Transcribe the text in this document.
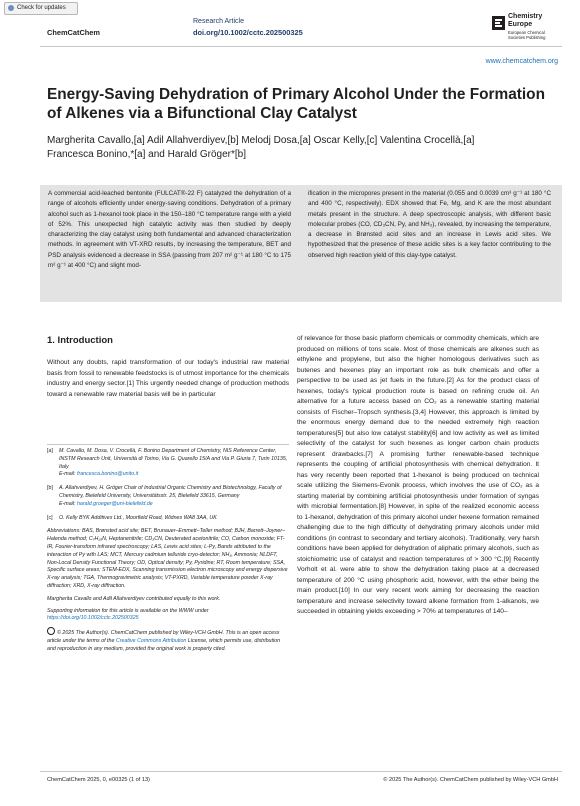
Check for updates
ChemCatChem
Research Article
doi.org/10.1002/cctc.202500325
Chemistry
Europe
European Chemical
Societies Publishing
www.chemcatchem.org
Energy-Saving Dehydration of Primary Alcohol Under the Formation of Alkenes via a Bifunctional Clay Catalyst
Margherita Cavallo,[a] Adil Allahverdiyev,[b] Melodj Dosa,[a] Oscar Kelly,[c] Valentina Crocellà,[a]
Francesca Bonino,*[a] and Harald Gröger*[b]
A commercial acid-leached bentonite (FULCAT®-22 F) catalyzed the dehydration of a range of alcohols efficiently under energy-saving conditions. Dehydration of a primary alcohol such as 1-hexanol took place in the 150–180 °C temperature range with a yield of 52%. This unexpected high catalytic activity was then studied by deeply characterizing the clay catalyst using both fundamental and advanced characterization methods. In agreement with VT-XRD results, by increasing the temperature, BET and PSD analysis evidenced a decrease in SSA (passing from 207 m² g⁻¹ at 180 °C to 175 m² g⁻¹ at 400 °C) and slight mod-
ification in the micropores present in the material (0.055 and 0.0039 cm³ g⁻¹ at 180 °C and 400 °C, respectively). EDX showed that Fe, Mg, and K are the most abundant metals present in the structure. A deep spectroscopic analysis, with different basic molecular probes (CO, CD₃CN, Py, and NH₃), revealed, by increasing the temperature, a decrease in Brønsted acid sites and an increase in Lewis acid sites. We hypothesized that the presence of these acidic sites is a key factor contributing to the observed high reaction yield of this clay-type catalyst.
1. Introduction
Without any doubts, rapid transformation of our today's industrial raw material basis from fossil to renewable feedstocks is of utmost importance for the chemicals industry and energy sector.[1] This urgently needed change of production methods toward a renewable raw material basis will be in particular
[a] M. Cavallo, M. Dosa, V. Crocellà, F. Bonino Department of Chemistry, NIS Reference Center, INSTM Research Unit, Università di Torino, Via G. Quarello 15/A and Via P. Giuria 7, Turin 10135, Italy
E-mail: francesca.bonino@unito.it
[b] A. Allahverdiyev, H. Gröger Chair of Industrial Organic Chemistry and Biotechnology, Faculty of Chemistry, Bielefeld University, Universitätsstr. 25, Bielefeld 33615, Germany
E-mail: harald.groeger@uni-bielefeld.de
[c] O. Kelly BYK Additives Ltd., Moorfield Road, Widnes WA8 3AA, UK
Abbreviations: BAS, Brønsted acid site; BET, Brunauer–Emmett–Teller method; BJH, Barrett–Joyner–Halenda method; C₇H₁₅N, Heptanenitrile; CD₃CN, Deuterated acetonitrile; CO, Carbon monoxide; FT-IR, Fourier-transform infrared spectroscopy; LAS, Lewis acid sites; L-Py, Bands attributed to the interaction of Py with LAS; MCT, Mercury cadmium telluride cryo-detector; NH₃, Ammonia; NLDFT, Non-Local Density Functional Theory; OD, Optical density; Py, Pyridine; RT, Room temperature; SSA, Specific surface areas; STEM-EDX, Scanning transmission electron microscopy and energy dispersive X-ray analysis; TGA, Thermogravimetric analysis; VT-PXRD, Variable temperature powder X-ray diffraction; XRD, X-ray diffraction.
Margherita Cavallo and Adil Allahverdiyev contributed equally to this work.
Supporting information for this article is available on the WWW under https://doi.org/10.1002/cctc.202500325
© 2025 The Author(s). ChemCatChem published by Wiley-VCH GmbH. This is an open access article under the terms of the Creative Commons Attribution License, which permits use, distribution and reproduction in any medium, provided the original work is properly cited.
of relevance for those basic platform chemicals or commodity chemicals, which are produced on millions of tons scale. Most of those chemicals are alkenes such as ethylene and propylene, but also the higher homologous derivatives such as butenes and hexenes play an important role as bulk chemicals and offer a perspective to be used as jet fuels in the future.[2] As for the product class of hexenes, today's typical production route is based on refining crude oil. An alternative for a future access based on CO₂ as a renewable starting material consists of Fischer–Tropsch synthesis.[3,4] However, this approach is limited by the enormous energy demand due to the needed extremely high reaction temperatures[5] but also low catalyst stability[6] and low activity as well as limited selectivity of the catalyst for such hexenes as longer carbon chain products represent drawbacks.[7] A promising further renewable-based technique represents the coupling of artificial photosynthesis with chemical dehydration. It has very recently been reported that 1-hexanol is being produced on technical scale utilizing the Siemens-Evonik process, which involves the use of CO₂ as a starting material by combining artificial photosynthesis under formation of syngas with microbial fermentation.[8] However, in spite of the realized economic access to 1-hexanol, dehydration of this primary alcohol under hexene formation remained challenging due to the high difficulty of dehydrating primary alcohols under mild conditions (in contrast to secondary and tertiary alcohols). Traditionally, very harsh conditions have been applied for dehydration of aliphatic primary alcohols, such as stoichiometric use of catalyst and reaction temperatures of > 300 °C.[9] Recently Vorholt et al. were able to show the dehydration taking place at a decreased temperature of 200 °C using phosphoric acid, however, with the ether being the main product.[10] In our very recent work aiming for decreasing the reaction temperature and increase selectivity toward alkene formation from 1-alkanols, we succeeded in obtaining yields exceeding > 70% at temperatures of 140–
ChemCatChem 2025, 0, e00325 (1 of 13)	© 2025 The Author(s). ChemCatChem published by Wiley-VCH GmbH
